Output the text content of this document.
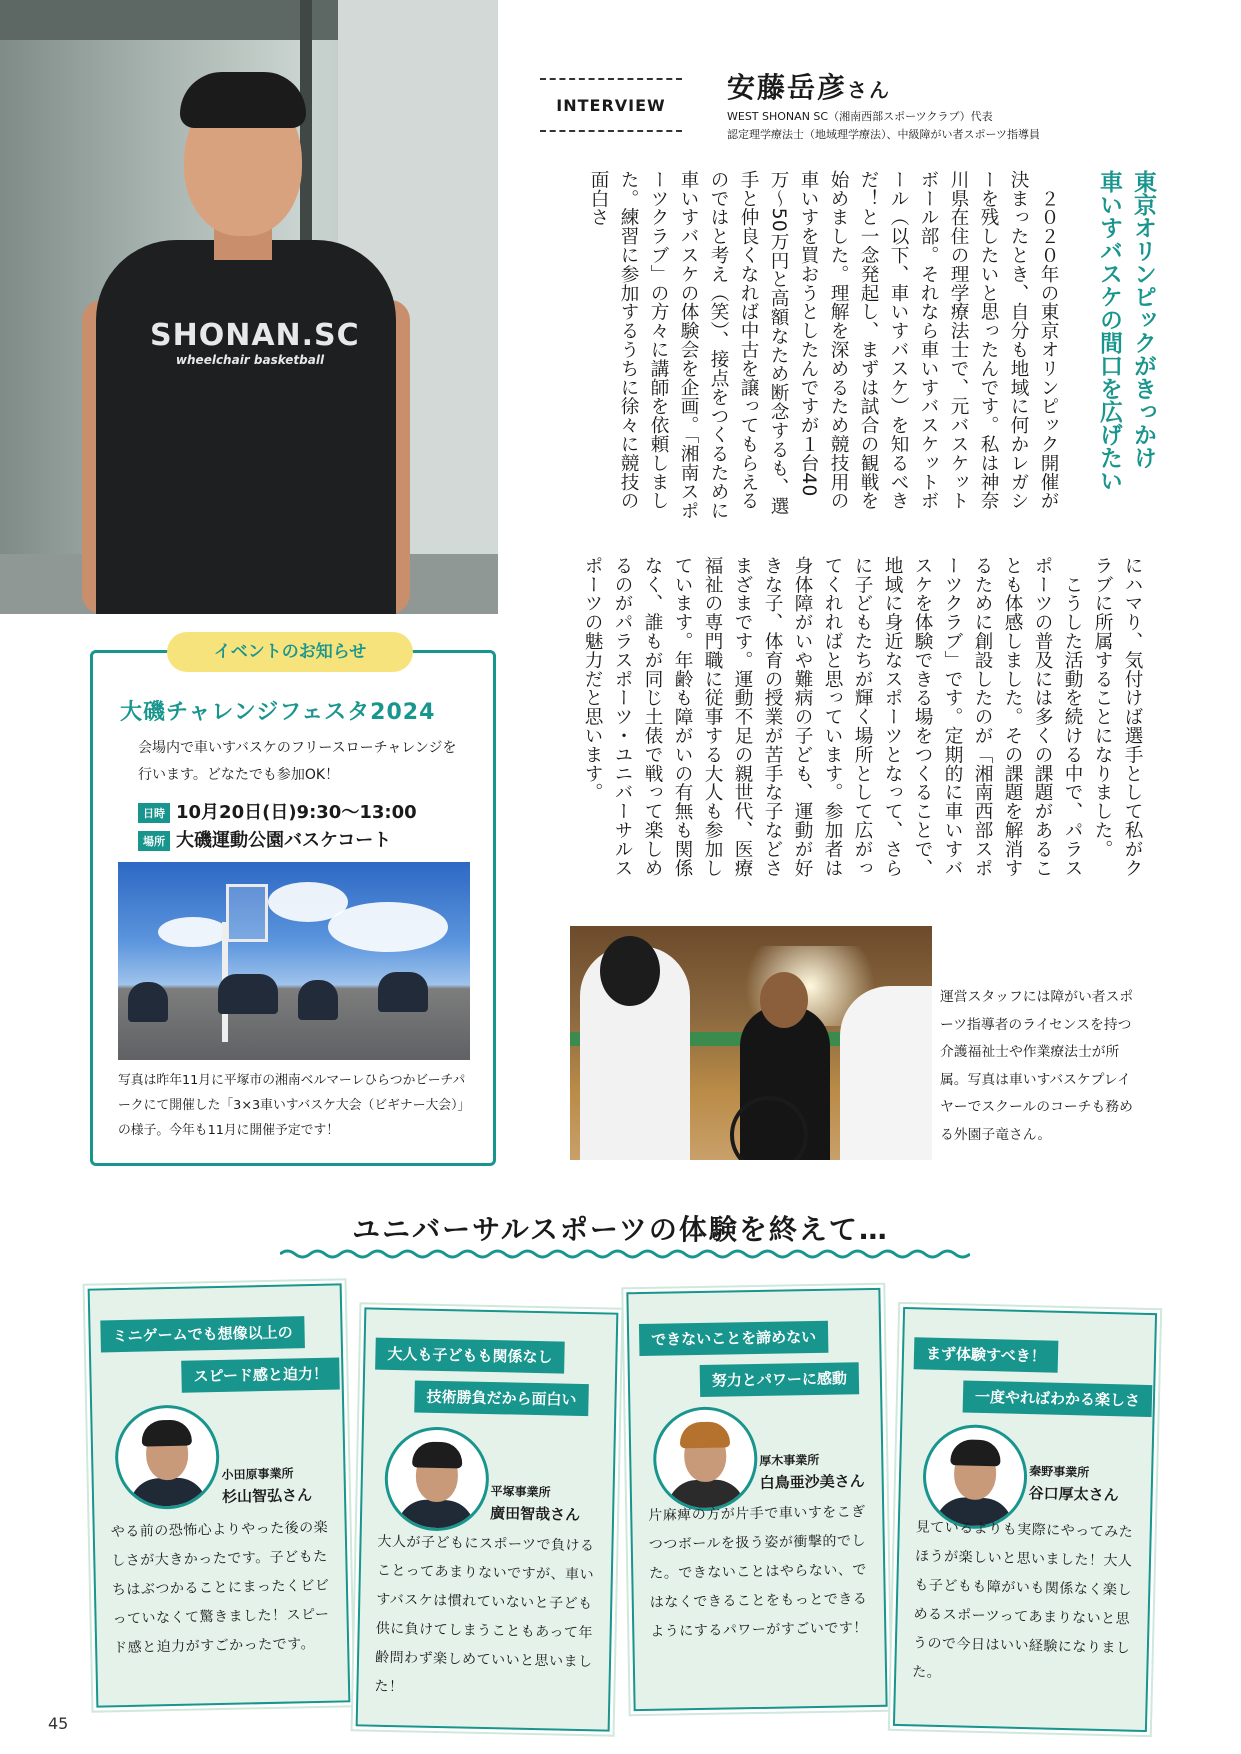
SHONAN.SC
wheelchair basketball
INTERVIEW
安藤岳彦さん
WEST SHONAN SC（湘南西部スポーツクラブ）代表
認定理学療法士（地域理学療法）、中級障がい者スポーツ指導員
東京オリンピックがきっかけ
車いすバスケの間口を広げたい
　２０２０年の東京オリンピック開催が決まったとき、自分も地域に何かレガシーを残したいと思ったんです。私は神奈川県在住の理学療法士で、元バスケットボール部。それなら車いすバスケットボール（以下、車いすバスケ）を知るべきだ！と一念発起し、まずは試合の観戦を始めました。理解を深めるため競技用の車いすを買おうとしたんですが１台40万〜50万円と高額なため断念するも、選手と仲良くなれば中古を譲ってもらえるのではと考え（笑）、接点をつくるために車いすバスケの体験会を企画。「湘南スポーツクラブ」の方々に講師を依頼しました。練習に参加するうちに徐々に競技の面白さ
にハマり、気付けば選手として私がクラブに所属することになりました。
　こうした活動を続ける中で、パラスポーツの普及には多くの課題があることも体感しました。その課題を解消するために創設したのが「湘南西部スポーツクラブ」です。定期的に車いすバスケを体験できる場をつくることで、地域に身近なスポーツとなって、さらに子どもたちが輝く場所として広がってくれればと思っています。参加者は身体障がいや難病の子ども、運動が好きな子、体育の授業が苦手な子などさまざまです。運動不足の親世代、医療福祉の専門職に従事する大人も参加しています。年齢も障がいの有無も関係なく、誰もが同じ土俵で戦って楽しめるのがパラスポーツ・ユニバーサルスポーツの魅力だと思います。
イベントのお知らせ
大磯チャレンジフェスタ2024
会場内で車いすバスケのフリースローチャレンジを行います。どなたでも参加OK！
日時 10月20日(日)9:30〜13:00
場所 大磯運動公園バスケコート
写真は昨年11月に平塚市の湘南ベルマーレひらつかビーチパークにて開催した「3×3車いすバスケ大会（ビギナー大会）」の様子。今年も11月に開催予定です！
運営スタッフには障がい者スポーツ指導者のライセンスを持つ介護福祉士や作業療法士が所属。写真は車いすバスケプレイヤーでスクールのコーチも務める外園子竜さん。
ユニバーサルスポーツの体験を終えて…
ミニゲームでも想像以上の
スピード感と迫力！
小田原事業所
杉山智弘さん
やる前の恐怖心よりやった後の楽しさが大きかったです。子どもたちはぶつかることにまったくビビっていなくて驚きました！スピード感と迫力がすごかったです。
大人も子どもも関係なし
技術勝負だから面白い
平塚事業所
廣田智哉さん
大人が子どもにスポーツで負けることってあまりないですが、車いすバスケは慣れていないと子ども供に負けてしまうこともあって年齢問わず楽しめていいと思いました！
できないことを諦めない
努力とパワーに感動
厚木事業所
白鳥亜沙美さん
片麻痺の方が片手で車いすをこぎつつボールを扱う姿が衝撃的でした。できないことはやらない、ではなくできることをもっとできるようにするパワーがすごいです！
まず体験すべき！
一度やればわかる楽しさ
秦野事業所
谷口厚太さん
見ているよりも実際にやってみたほうが楽しいと思いました！大人も子どもも障がいも関係なく楽しめるスポーツってあまりないと思うので今日はいい経験になりました。
45
